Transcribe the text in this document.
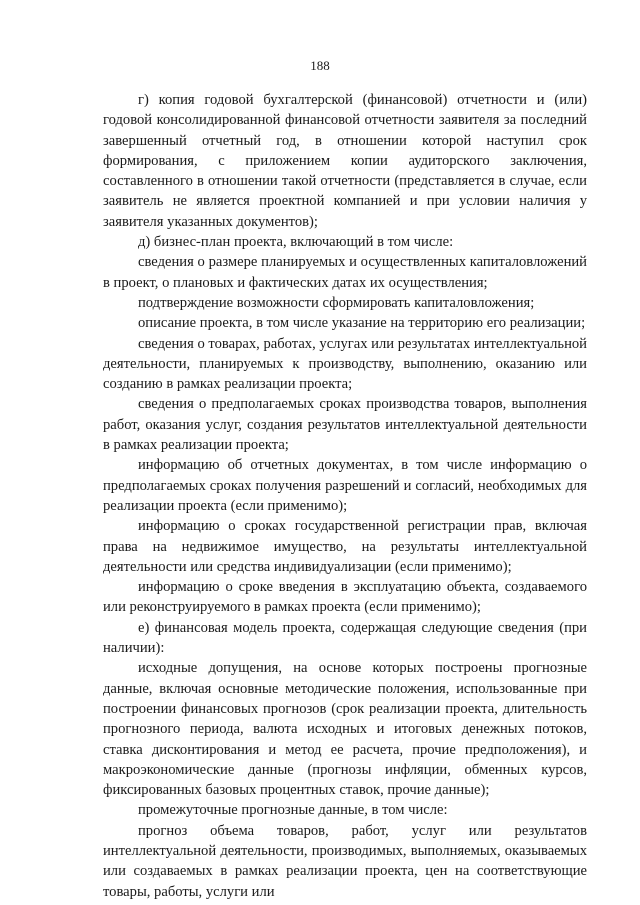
188

г) копия годовой бухгалтерской (финансовой) отчетности и (или) годовой консолидированной финансовой отчетности заявителя за последний завершенный отчетный год, в отношении которой наступил срок формирования, с приложением копии аудиторского заключения, составленного в отношении такой отчетности (представляется в случае, если заявитель не является проектной компанией и при условии наличия у заявителя указанных документов);

д) бизнес-план проекта, включающий в том числе:

сведения о размере планируемых и осуществленных капиталовложений в проект, о плановых и фактических датах их осуществления;

подтверждение возможности сформировать капиталовложения;

описание проекта, в том числе указание на территорию его реализации;

сведения о товарах, работах, услугах или результатах интеллектуальной деятельности, планируемых к производству, выполнению, оказанию или созданию в рамках реализации проекта;

сведения о предполагаемых сроках производства товаров, выполнения работ, оказания услуг, создания результатов интеллектуальной деятельности в рамках реализации проекта;

информацию об отчетных документах, в том числе информацию о предполагаемых сроках получения разрешений и согласий, необходимых для реализации проекта (если применимо);

информацию о сроках государственной регистрации прав, включая права на недвижимое имущество, на результаты интеллектуальной деятельности или средства индивидуализации (если применимо);

информацию о сроке введения в эксплуатацию объекта, создаваемого или реконструируемого в рамках проекта (если применимо);

е) финансовая модель проекта, содержащая следующие сведения (при наличии):

исходные допущения, на основе которых построены прогнозные данные, включая основные методические положения, использованные при построении финансовых прогнозов (срок реализации проекта, длительность прогнозного периода, валюта исходных и итоговых денежных потоков, ставка дисконтирования и метод ее расчета, прочие предположения), и макроэкономические данные (прогнозы инфляции, обменных курсов, фиксированных базовых процентных ставок, прочие данные);

промежуточные прогнозные данные, в том числе:

прогноз объема товаров, работ, услуг или результатов интеллектуальной деятельности, производимых, выполняемых, оказываемых или создаваемых в рамках реализации проекта, цен на соответствующие товары, работы, услуги или
